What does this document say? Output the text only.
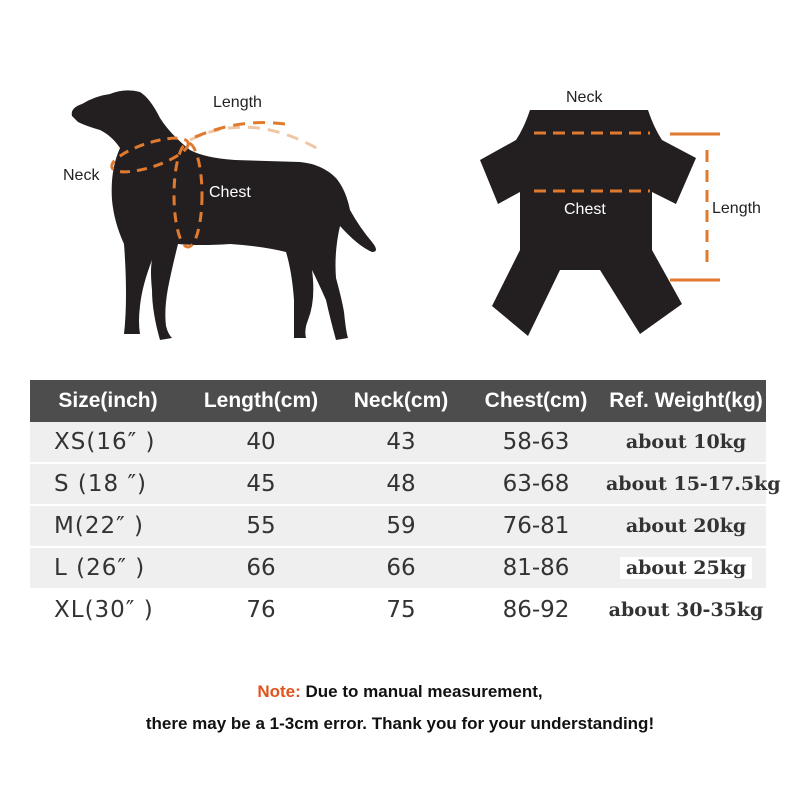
Length
Neck
Chest
Neck
Chest	Length
Size(inch)	Length(cm)	Neck(cm)	Chest(cm)	Ref. Weight(kg)
XS(16″ )	40	43	58-63	about 10kg
S (18 ″)	45	48	63-68	about 15-17.5kg
M(22″ )	55	59	76-81	about 20kg
L (26″ )	66	66	81-86	about 25kg
XL(30″ )	76	75	86-92	about 30-35kg
Note: Due to manual measurement,
there may be a 1-3cm error. Thank you for your understanding!
